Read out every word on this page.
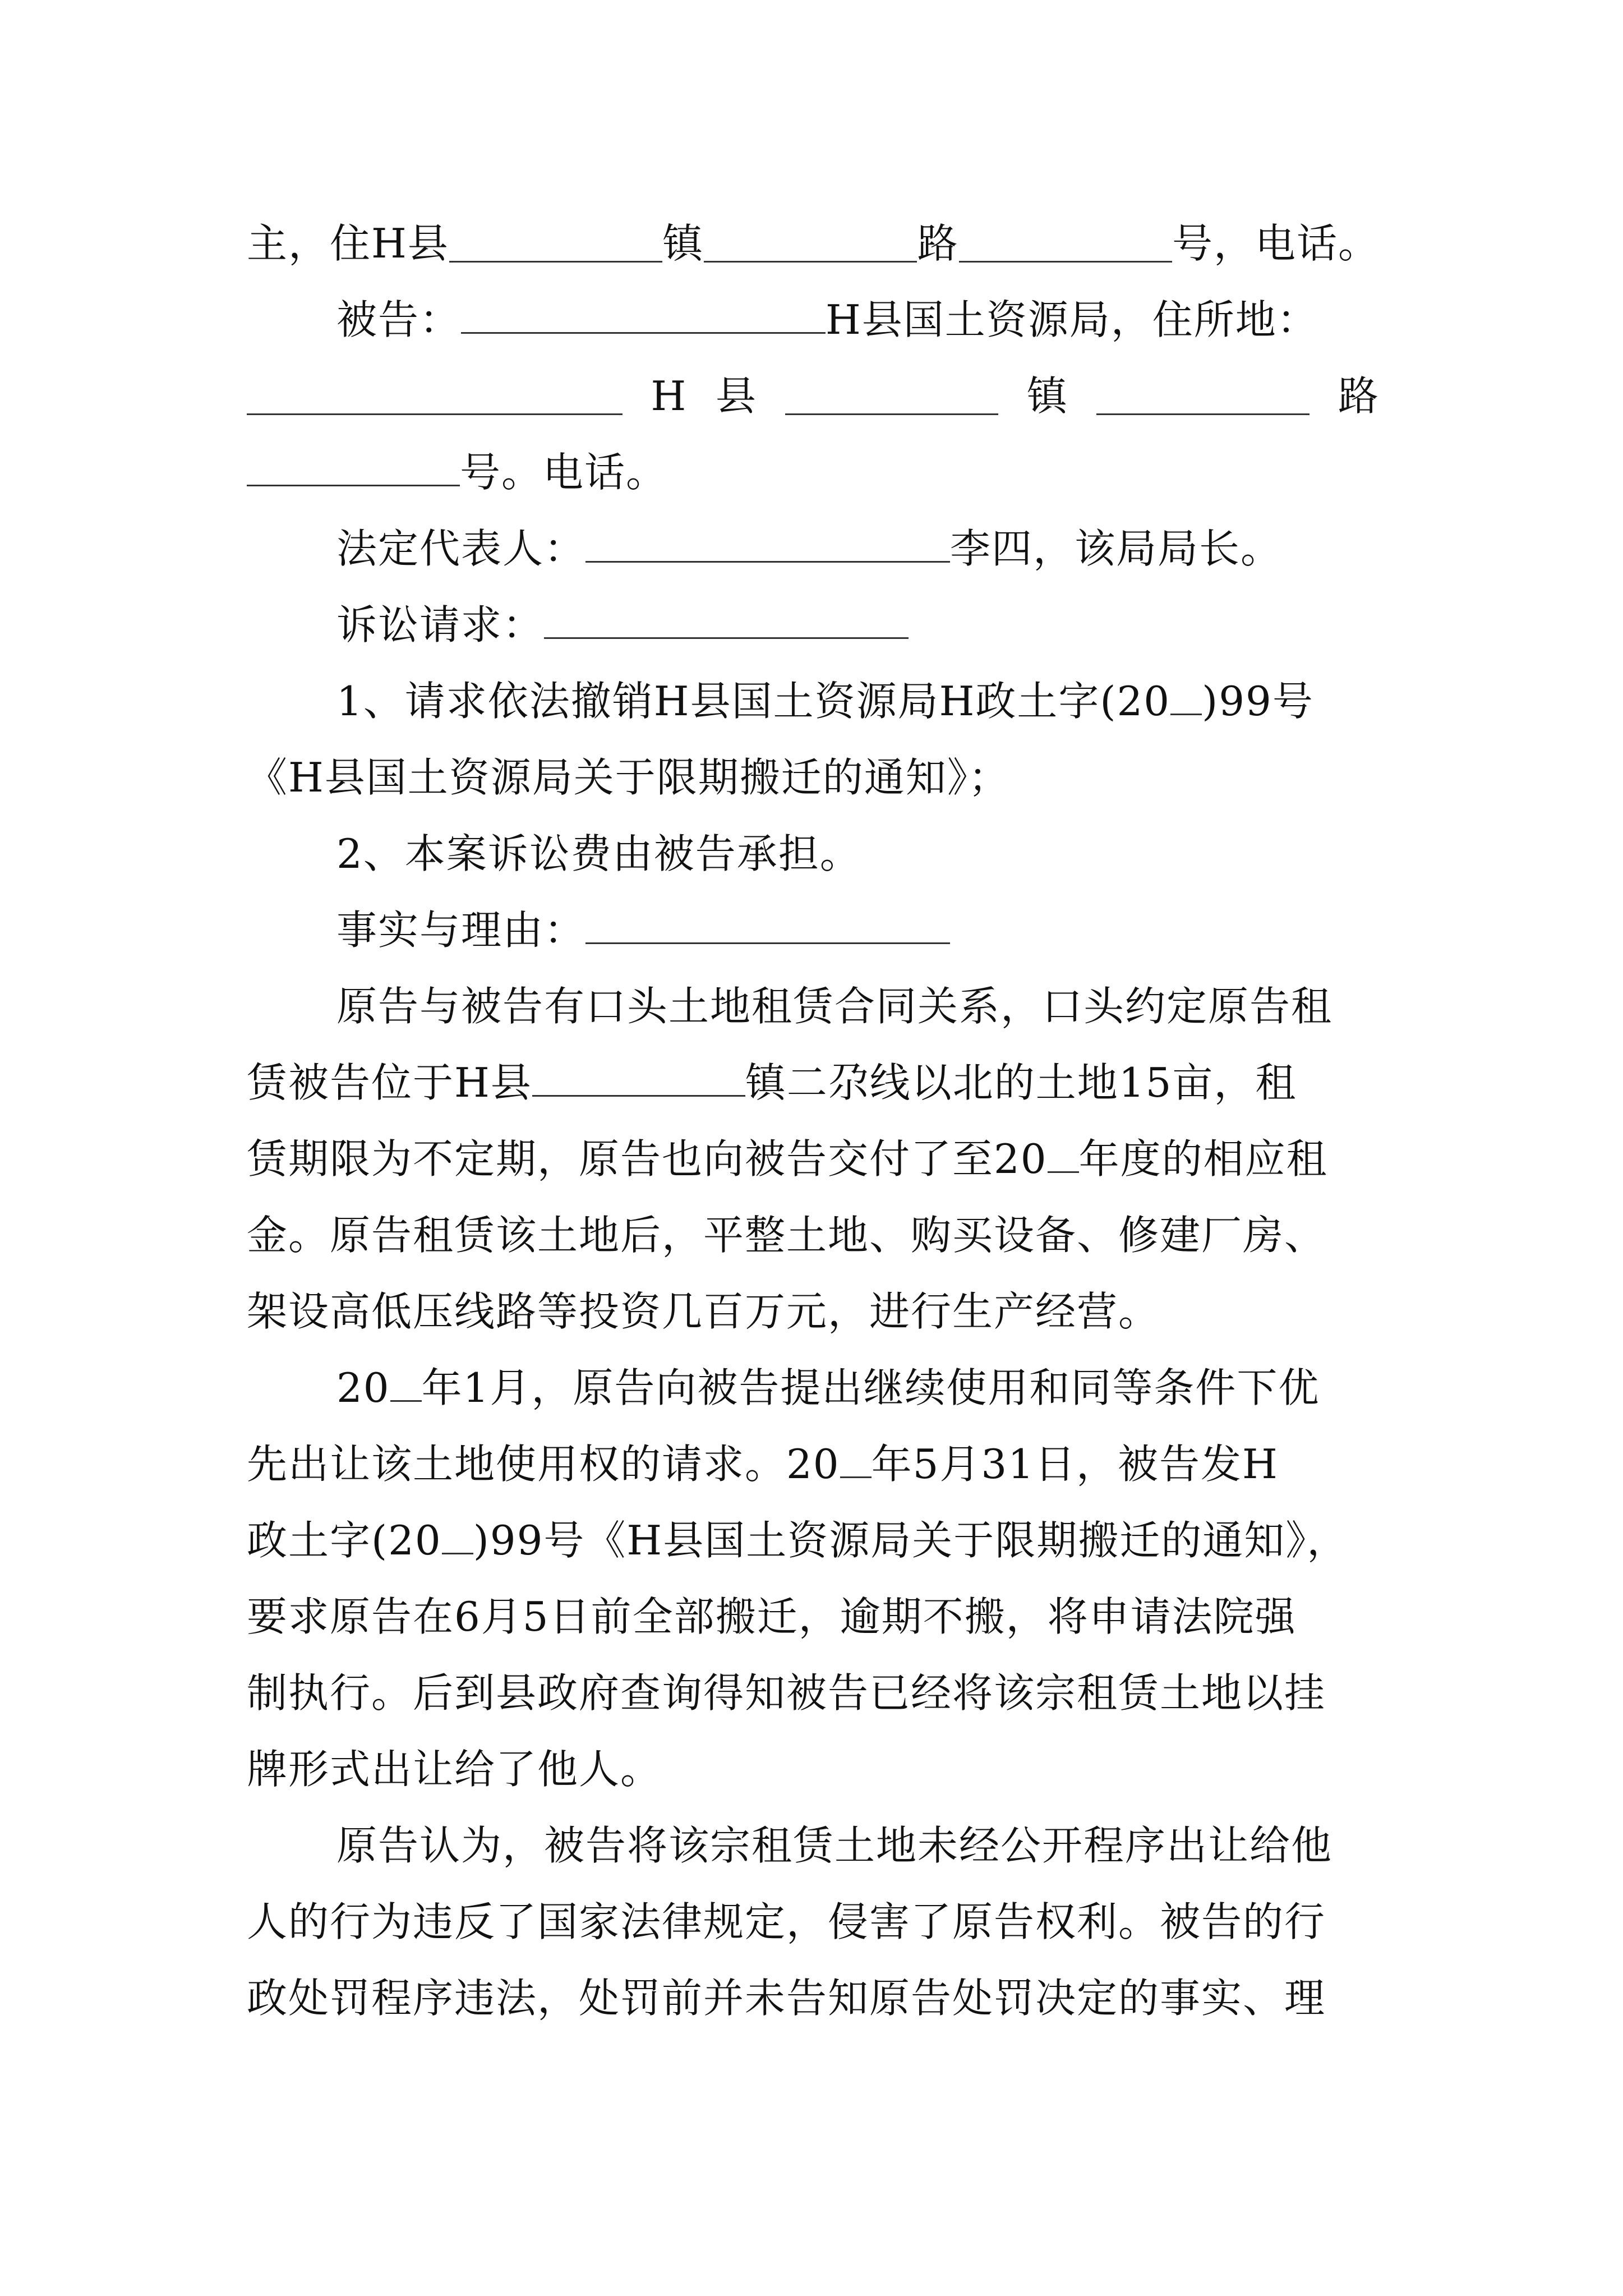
主，住H县	镇	路	号，电话。
被告：	H县国土资源局，住所地：
H 县	镇	路
号。电话。
法定代表人：	李四，该局局长。
诉讼请求：
1、请求依法撤销H县国土资源局H政土字(20 )99号
《H县国土资源局关于限期搬迁的通知》；
2、本案诉讼费由被告承担。
事实与理由：
原告与被告有口头土地租赁合同关系，口头约定原告租
赁被告位于H县	镇二尕线以北的土地15亩，租
赁期限为不定期，原告也向被告交付了至20 年度的相应租
金。原告租赁该土地后，平整土地、购买设备、修建厂房、
架设高低压线路等投资几百万元，进行生产经营。
20 年1月，原告向被告提出继续使用和同等条件下优
先出让该土地使用权的请求。20 年5月31日，被告发H
政土字(20 )99号《H县国土资源局关于限期搬迁的通知》，
要求原告在6月5日前全部搬迁，逾期不搬，将申请法院强
制执行。后到县政府查询得知被告已经将该宗租赁土地以挂
牌形式出让给了他人。
原告认为，被告将该宗租赁土地未经公开程序出让给他
人的行为违反了国家法律规定，侵害了原告权利。被告的行
政处罚程序违法，处罚前并未告知原告处罚决定的事实、理
